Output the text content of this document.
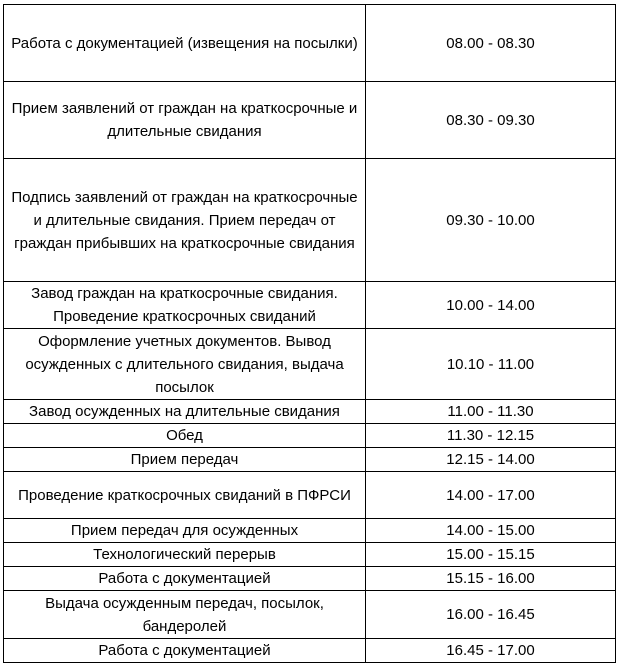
Работа с документацией (извещения на посылки)	08.00 - 08.30
Прием заявлений от граждан на краткосрочные и длительные свидания	08.30 - 09.30
Подпись заявлений от граждан на краткосрочные и длительные свидания. Прием передач от граждан прибывших на краткосрочные свидания	09.30 - 10.00
Завод граждан на краткосрочные свидания. Проведение краткосрочных свиданий	10.00 - 14.00
Оформление учетных документов. Вывод осужденных с длительного свидания, выдача посылок	10.10 - 11.00
Завод осужденных на длительные свидания	11.00 - 11.30
Обед	11.30 - 12.15
Прием передач	12.15 - 14.00
Проведение краткосрочных свиданий в ПФРСИ	14.00 - 17.00
Прием передач для осужденных	14.00 - 15.00
Технологический перерыв	15.00 - 15.15
Работа с документацией	15.15 - 16.00
Выдача осужденным передач, посылок, бандеролей	16.00 - 16.45
Работа с документацией	16.45 - 17.00
